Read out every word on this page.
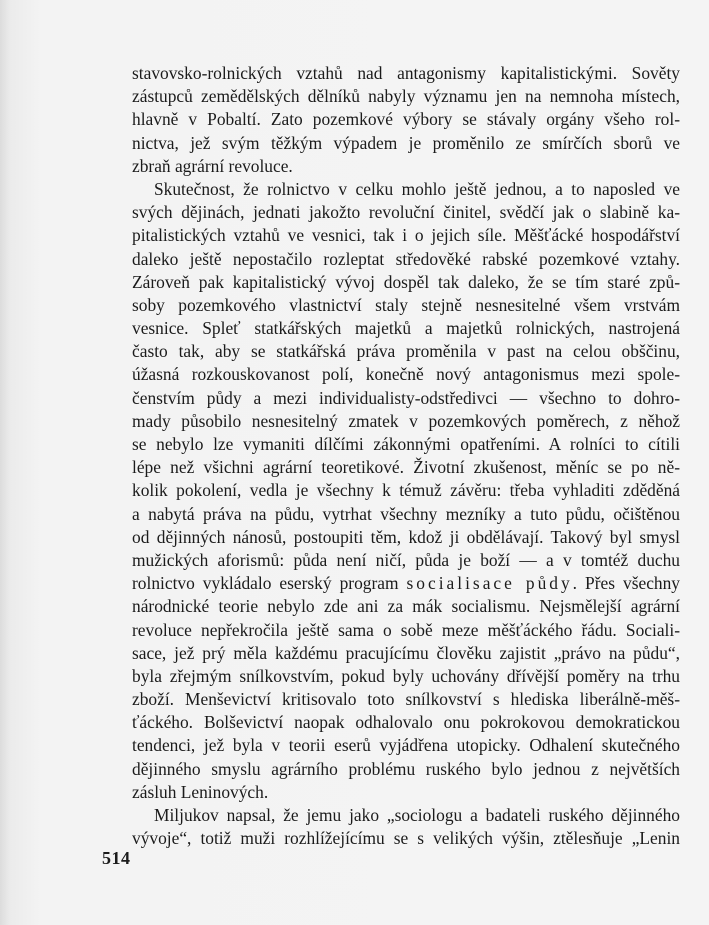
stavovsko-rolnických vztahů nad antagonismy kapitalistickými. Sověty
zástupců zemědělských dělníků nabyly významu jen na nemnoha místech,
hlavně v Pobaltí. Zato pozemkové výbory se stávaly orgány všeho rol-
nictva, jež svým těžkým výpadem je proměnilo ze smírčích sborů ve
zbraň agrární revoluce.
Skutečnost, že rolnictvo v celku mohlo ještě jednou, a to naposled ve
svých dějinách, jednati jakožto revoluční činitel, svědčí jak o slabině ka-
pitalistických vztahů ve vesnici, tak i o jejich síle. Měšťácké hospodářství
daleko ještě nepostačilo rozleptat středověké rabské pozemkové vztahy.
Zároveň pak kapitalistický vývoj dospěl tak daleko, že se tím staré způ-
soby pozemkového vlastnictví staly stejně nesnesitelné všem vrstvám
vesnice. Spleť statkářských majetků a majetků rolnických, nastrojená
často tak, aby se statkářská práva proměnila v past na celou obščinu,
úžasná rozkouskovanost polí, konečně nový antagonismus mezi spole-
čenstvím půdy a mezi individualisty-odstředivci — všechno to dohro-
mady působilo nesnesitelný zmatek v pozemkových poměrech, z něhož
se nebylo lze vymaniti dílčími zákonnými opatřeními. A rolníci to cítili
lépe než všichni agrární teoretikové. Životní zkušenost, měníc se po ně-
kolik pokolení, vedla je všechny k témuž závěru: třeba vyhladiti zděděná
a nabytá práva na půdu, vytrhat všechny mezníky a tuto půdu, očištěnou
od dějinných nánosů, postoupiti těm, kdož ji obdělávají. Takový byl smysl
mužických aforismů: půda není ničí, půda je boží — a v tomtéž duchu
rolnictvo vykládalo eserský program socialisace půdy. Přes všechny
národnické teorie nebylo zde ani za mák socialismu. Nejsmělejší agrární
revoluce nepřekročila ještě sama o sobě meze měšťáckého řádu. Sociali-
sace, jež prý měla každému pracujícímu člověku zajistit „právo na půdu“,
byla zřejmým snílkovstvím, pokud byly uchovány dřívější poměry na trhu
zboží. Menševictví kritisovalo toto snílkovství s hlediska liberálně-měš-
ťáckého. Bolševictví naopak odhalovalo onu pokrokovou demokratickou
tendenci, jež byla v teorii eserů vyjádřena utopicky. Odhalení skutečného
dějinného smyslu agrárního problému ruského bylo jednou z největších
zásluh Leninových.
Miljukov napsal, že jemu jako „sociologu a badateli ruského dějinného
vývoje“, totiž muži rozhlížejícímu se s velikých výšin, ztělesňuje „Lenin
514
